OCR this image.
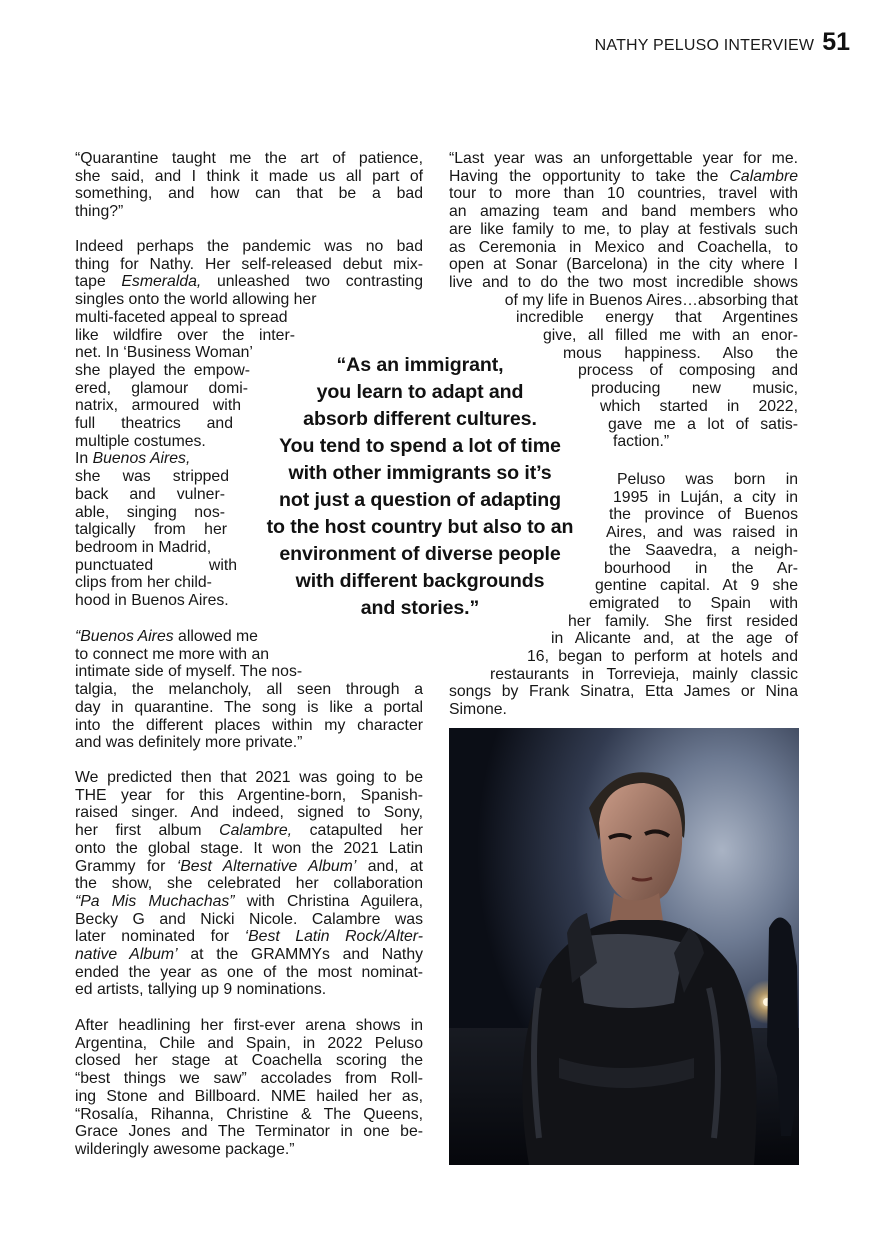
NATHY PELUSO INTERVIEW 51

“Quarantine taught me the art of patience,
she said, and I think it made us all part of
something, and how can that be a bad
thing?”

Indeed perhaps the pandemic was no bad
thing for Nathy. Her self-released debut mix-
tape Esmeralda, unleashed two contrasting
singles onto the world allowing her
multi-faceted appeal to spread
like wildfire over the inter-
net. In ‘Business Woman’
she played the empow-
ered, glamour domi-
natrix, armoured with
full theatrics and
multiple costumes.
In Buenos Aires,
she was stripped
back and vulner-
able, singing nos-
talgically from her
bedroom in Madrid,
punctuated with
clips from her child-
hood in Buenos Aires.
“Buenos Aires allowed me
to connect me more with an
intimate side of myself. The nos-
talgia, the melancholy, all seen through a
day in quarantine. The song is like a portal
into the different places within my character
and was definitely more private.”
We predicted then that 2021 was going to be
THE year for this Argentine-born, Spanish-
raised singer. And indeed, signed to Sony,
her first album Calambre, catapulted her
onto the global stage. It won the 2021 Latin
Grammy for ‘Best Alternative Album’ and, at
the show, she celebrated her collaboration
“Pa Mis Muchachas” with Christina Aguilera,
Becky G and Nicki Nicole. Calambre was
later nominated for ‘Best Latin Rock/Alter-
native Album’ at the GRAMMYs and Nathy
ended the year as one of the most nominat-
ed artists, tallying up 9 nominations.
After headlining her first-ever arena shows in
Argentina, Chile and Spain, in 2022 Peluso
closed her stage at Coachella scoring the
“best things we saw” accolades from Roll-
ing Stone and Billboard. NME hailed her as,
“Rosalía, Rihanna, Christine & The Queens,
Grace Jones and The Terminator in one be-
wilderingly awesome package.”
“As an immigrant,
you learn to adapt and
absorb different cultures.
You tend to spend a lot of time
with other immigrants so it’s
not just a question of adapting
to the host country but also to an
environment of diverse people
with different backgrounds
and stories.”
“Last year was an unforgettable year for me.
Having the opportunity to take the Calambre
tour to more than 10 countries, travel with
an amazing team and band members who
are like family to me, to play at festivals such
as Ceremonia in Mexico and Coachella, to
open at Sonar (Barcelona) in the city where I
live and to do the two most incredible shows
of my life in Buenos Aires…absorbing that
incredible energy that Argentines
give, all filled me with an enor-
mous happiness. Also the
process of composing and
producing new music,
which started in 2022,
gave me a lot of satis-
faction.”
Peluso was born in
1995 in Luján, a city in
the province of Buenos
Aires, and was raised in
the Saavedra, a neigh-
bourhood in the Ar-
gentine capital. At 9 she
emigrated to Spain with
her family. She first resided
in Alicante and, at the age of
16, began to perform at hotels and
restaurants in Torrevieja, mainly classic
songs by Frank Sinatra, Etta James or Nina
Simone.
